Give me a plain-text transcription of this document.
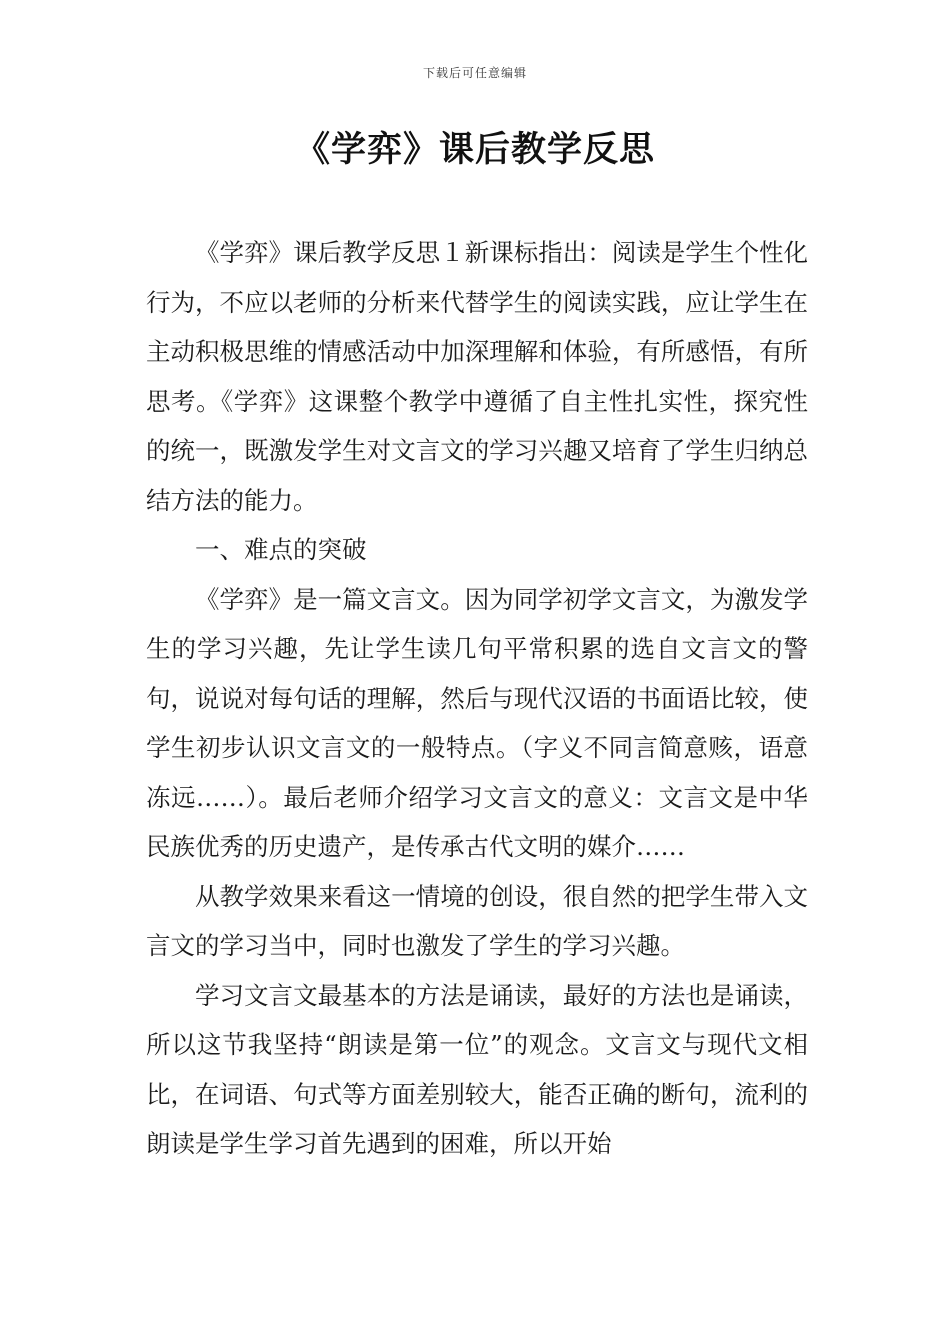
下载后可任意编辑
《学弈》课后教学反思

《学弈》课后教学反思１新课标指出：阅读是学生个性化行为，不应以老师的分析来代替学生的阅读实践，应让学生在主动积极思维的情感活动中加深理解和体验，有所感悟，有所思考。《学弈》这课整个教学中遵循了自主性扎实性，探究性的统一，既激发学生对文言文的学习兴趣又培育了学生归纳总结方法的能力。

一、难点的突破

《学弈》是一篇文言文。因为同学初学文言文，为激发学生的学习兴趣，先让学生读几句平常积累的选自文言文的警句，说说对每句话的理解，然后与现代汉语的书面语比较，使学生初步认识文言文的一般特点。（字义不同言简意赅，语意冻远……）。最后老师介绍学习文言文的意义：文言文是中华民族优秀的历史遗产，是传承古代文明的媒介……

从教学效果来看这一情境的创设，很自然的把学生带入文言文的学习当中，同时也激发了学生的学习兴趣。

学习文言文最基本的方法是诵读，最好的方法也是诵读，所以这节我坚持“朗读是第一位”的观念。文言文与现代文相比，在词语、句式等方面差别较大，能否正确的断句，流利的朗读是学生学习首先遇到的困难，所以开始
